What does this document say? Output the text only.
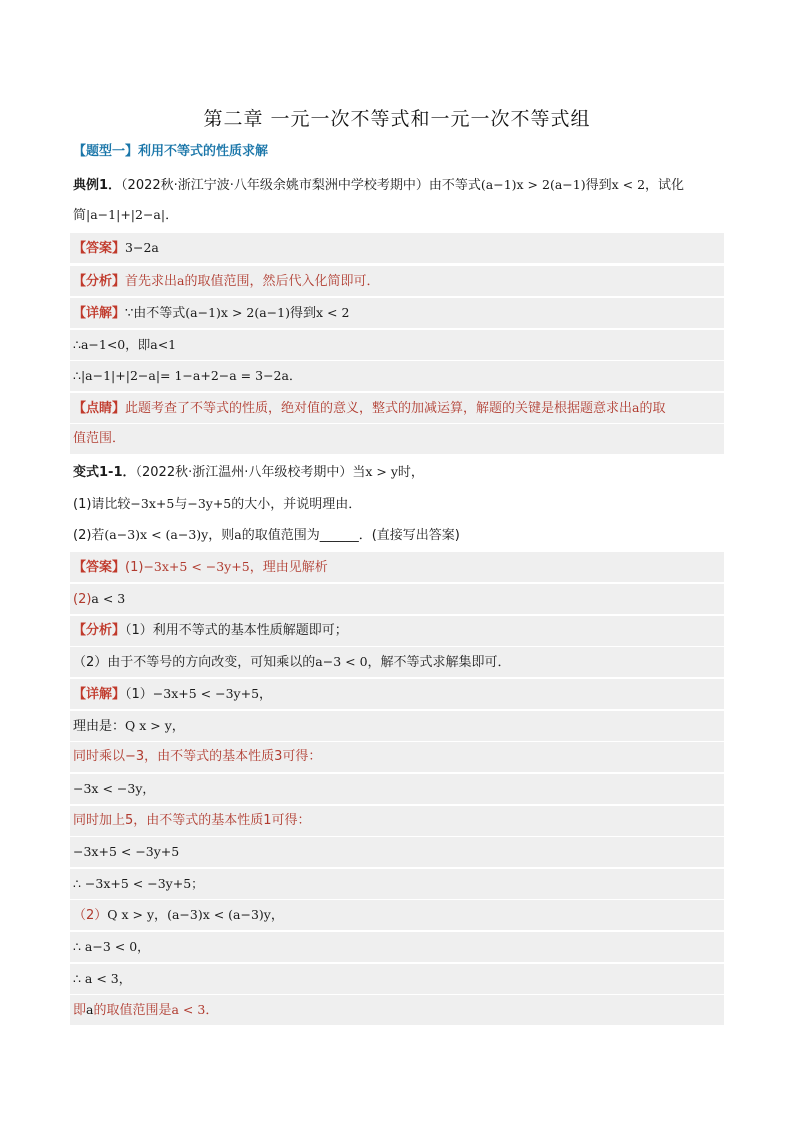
第二章 一元一次不等式和一元一次不等式组
【题型一】利用不等式的性质求解
典例1．（2022秋·浙江宁波·八年级余姚市梨洲中学校考期中）由不等式(a−1)x > 2(a−1)得到x < 2，试化
简|a−1|+|2−a|．
【答案】3−2a
【分析】首先求出a的取值范围，然后代入化简即可．
【详解】∵由不等式(a−1)x > 2(a−1)得到x < 2
∴a−1<0，即a<1
∴|a−1|+|2−a|= 1−a+2−a = 3−2a．
【点睛】此题考查了不等式的性质，绝对值的意义，整式的加减运算，解题的关键是根据题意求出a的取
值范围．
变式1-1．（2022秋·浙江温州·八年级校考期中）当x > y时，
(1)请比较−3x+5与−3y+5的大小，并说明理由．
(2)若(a−3)x < (a−3)y，则a的取值范围为______．(直接写出答案)
【答案】(1)−3x+5 < −3y+5，理由见解析
(2)a < 3
【分析】（1）利用不等式的基本性质解题即可；
（2）由于不等号的方向改变，可知乘以的a−3 < 0，解不等式求解集即可．
【详解】（1）−3x+5 < −3y+5，
理由是：Q x > y，
同时乘以−3，由不等式的基本性质3可得：
−3x < −3y，
同时加上5，由不等式的基本性质1可得：
−3x+5 < −3y+5
∴ −3x+5 < −3y+5；
（2）Q x > y，(a−3)x < (a−3)y，
∴ a−3 < 0，
∴ a < 3，
即a的取值范围是a < 3．
